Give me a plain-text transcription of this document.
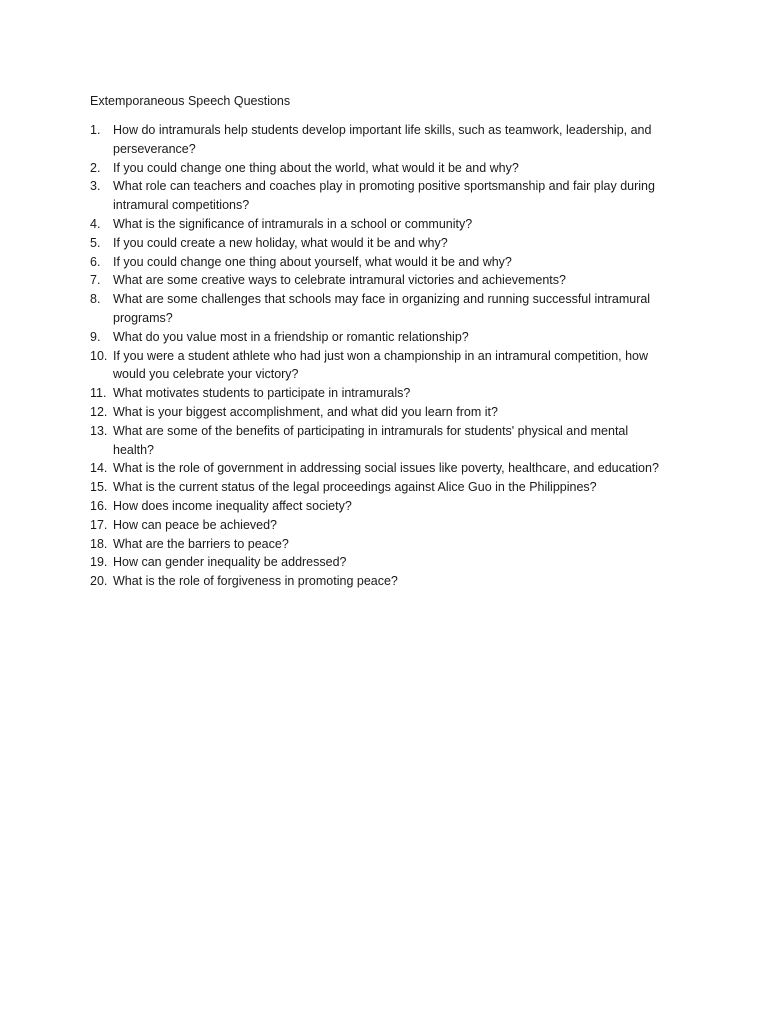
Extemporaneous Speech Questions
1.	How do intramurals help students develop important life skills, such as teamwork, leadership, and perseverance?
2.	If you could change one thing about the world, what would it be and why?
3.	What role can teachers and coaches play in promoting positive sportsmanship and fair play during intramural competitions?
4.	What is the significance of intramurals in a school or community?
5.	If you could create a new holiday, what would it be and why?
6.	If you could change one thing about yourself, what would it be and why?
7.	What are some creative ways to celebrate intramural victories and achievements?
8.	What are some challenges that schools may face in organizing and running successful intramural programs?
9.	What do you value most in a friendship or romantic relationship?
10. If you were a student athlete who had just won a championship in an intramural competition, how would you celebrate your victory?
11. What motivates students to participate in intramurals?
12. What is your biggest accomplishment, and what did you learn from it?
13. What are some of the benefits of participating in intramurals for students' physical and mental health?
14. What is the role of government in addressing social issues like poverty, healthcare, and education?
15. What is the current status of the legal proceedings against Alice Guo in the Philippines?
16. How does income inequality affect society?
17. How can peace be achieved?
18. What are the barriers to peace?
19. How can gender inequality be addressed?
20. What is the role of forgiveness in promoting peace?
